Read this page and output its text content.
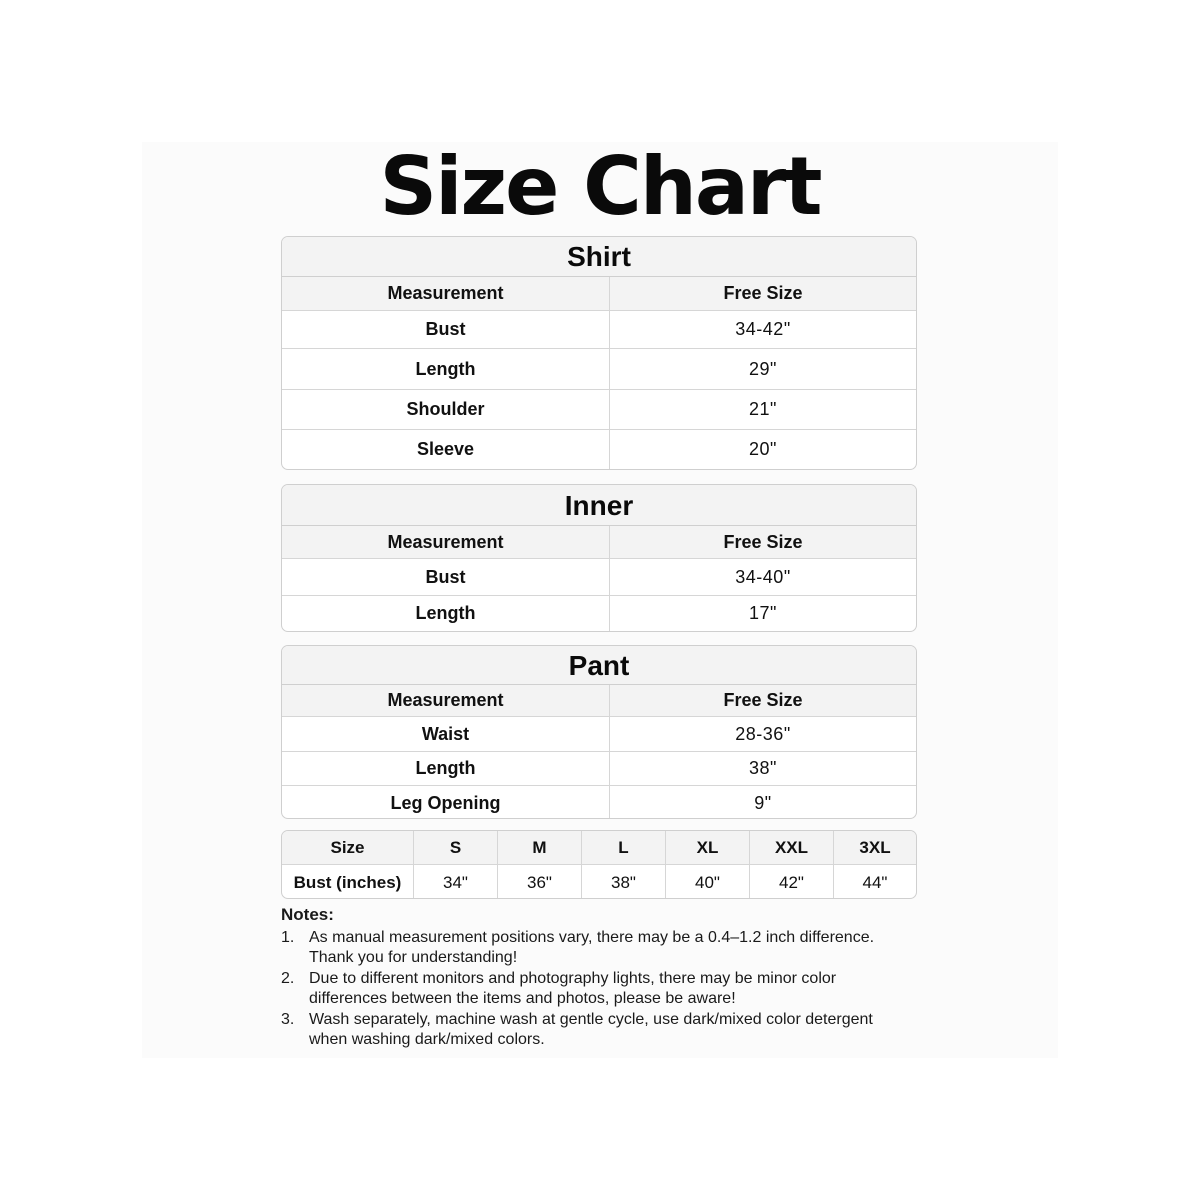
Size Chart
Shirt
Measurement	Free Size
Bust	34-42"
Length	29"
Shoulder	21"
Sleeve	20"
Inner
Measurement	Free Size
Bust	34-40"
Length	17"
Pant
Measurement	Free Size
Waist	28-36"
Length	38"
Leg Opening	9"
Size	S	M	L	XL	XXL	3XL
Bust (inches)	34"	36"	38"	40"	42"	44"
Notes:
1. As manual measurement positions vary, there may be a 0.4–1.2 inch difference.
Thank you for understanding!
2. Due to different monitors and photography lights, there may be minor color
differences between the items and photos, please be aware!
3. Wash separately, machine wash at gentle cycle, use dark/mixed color detergent
when washing dark/mixed colors.
